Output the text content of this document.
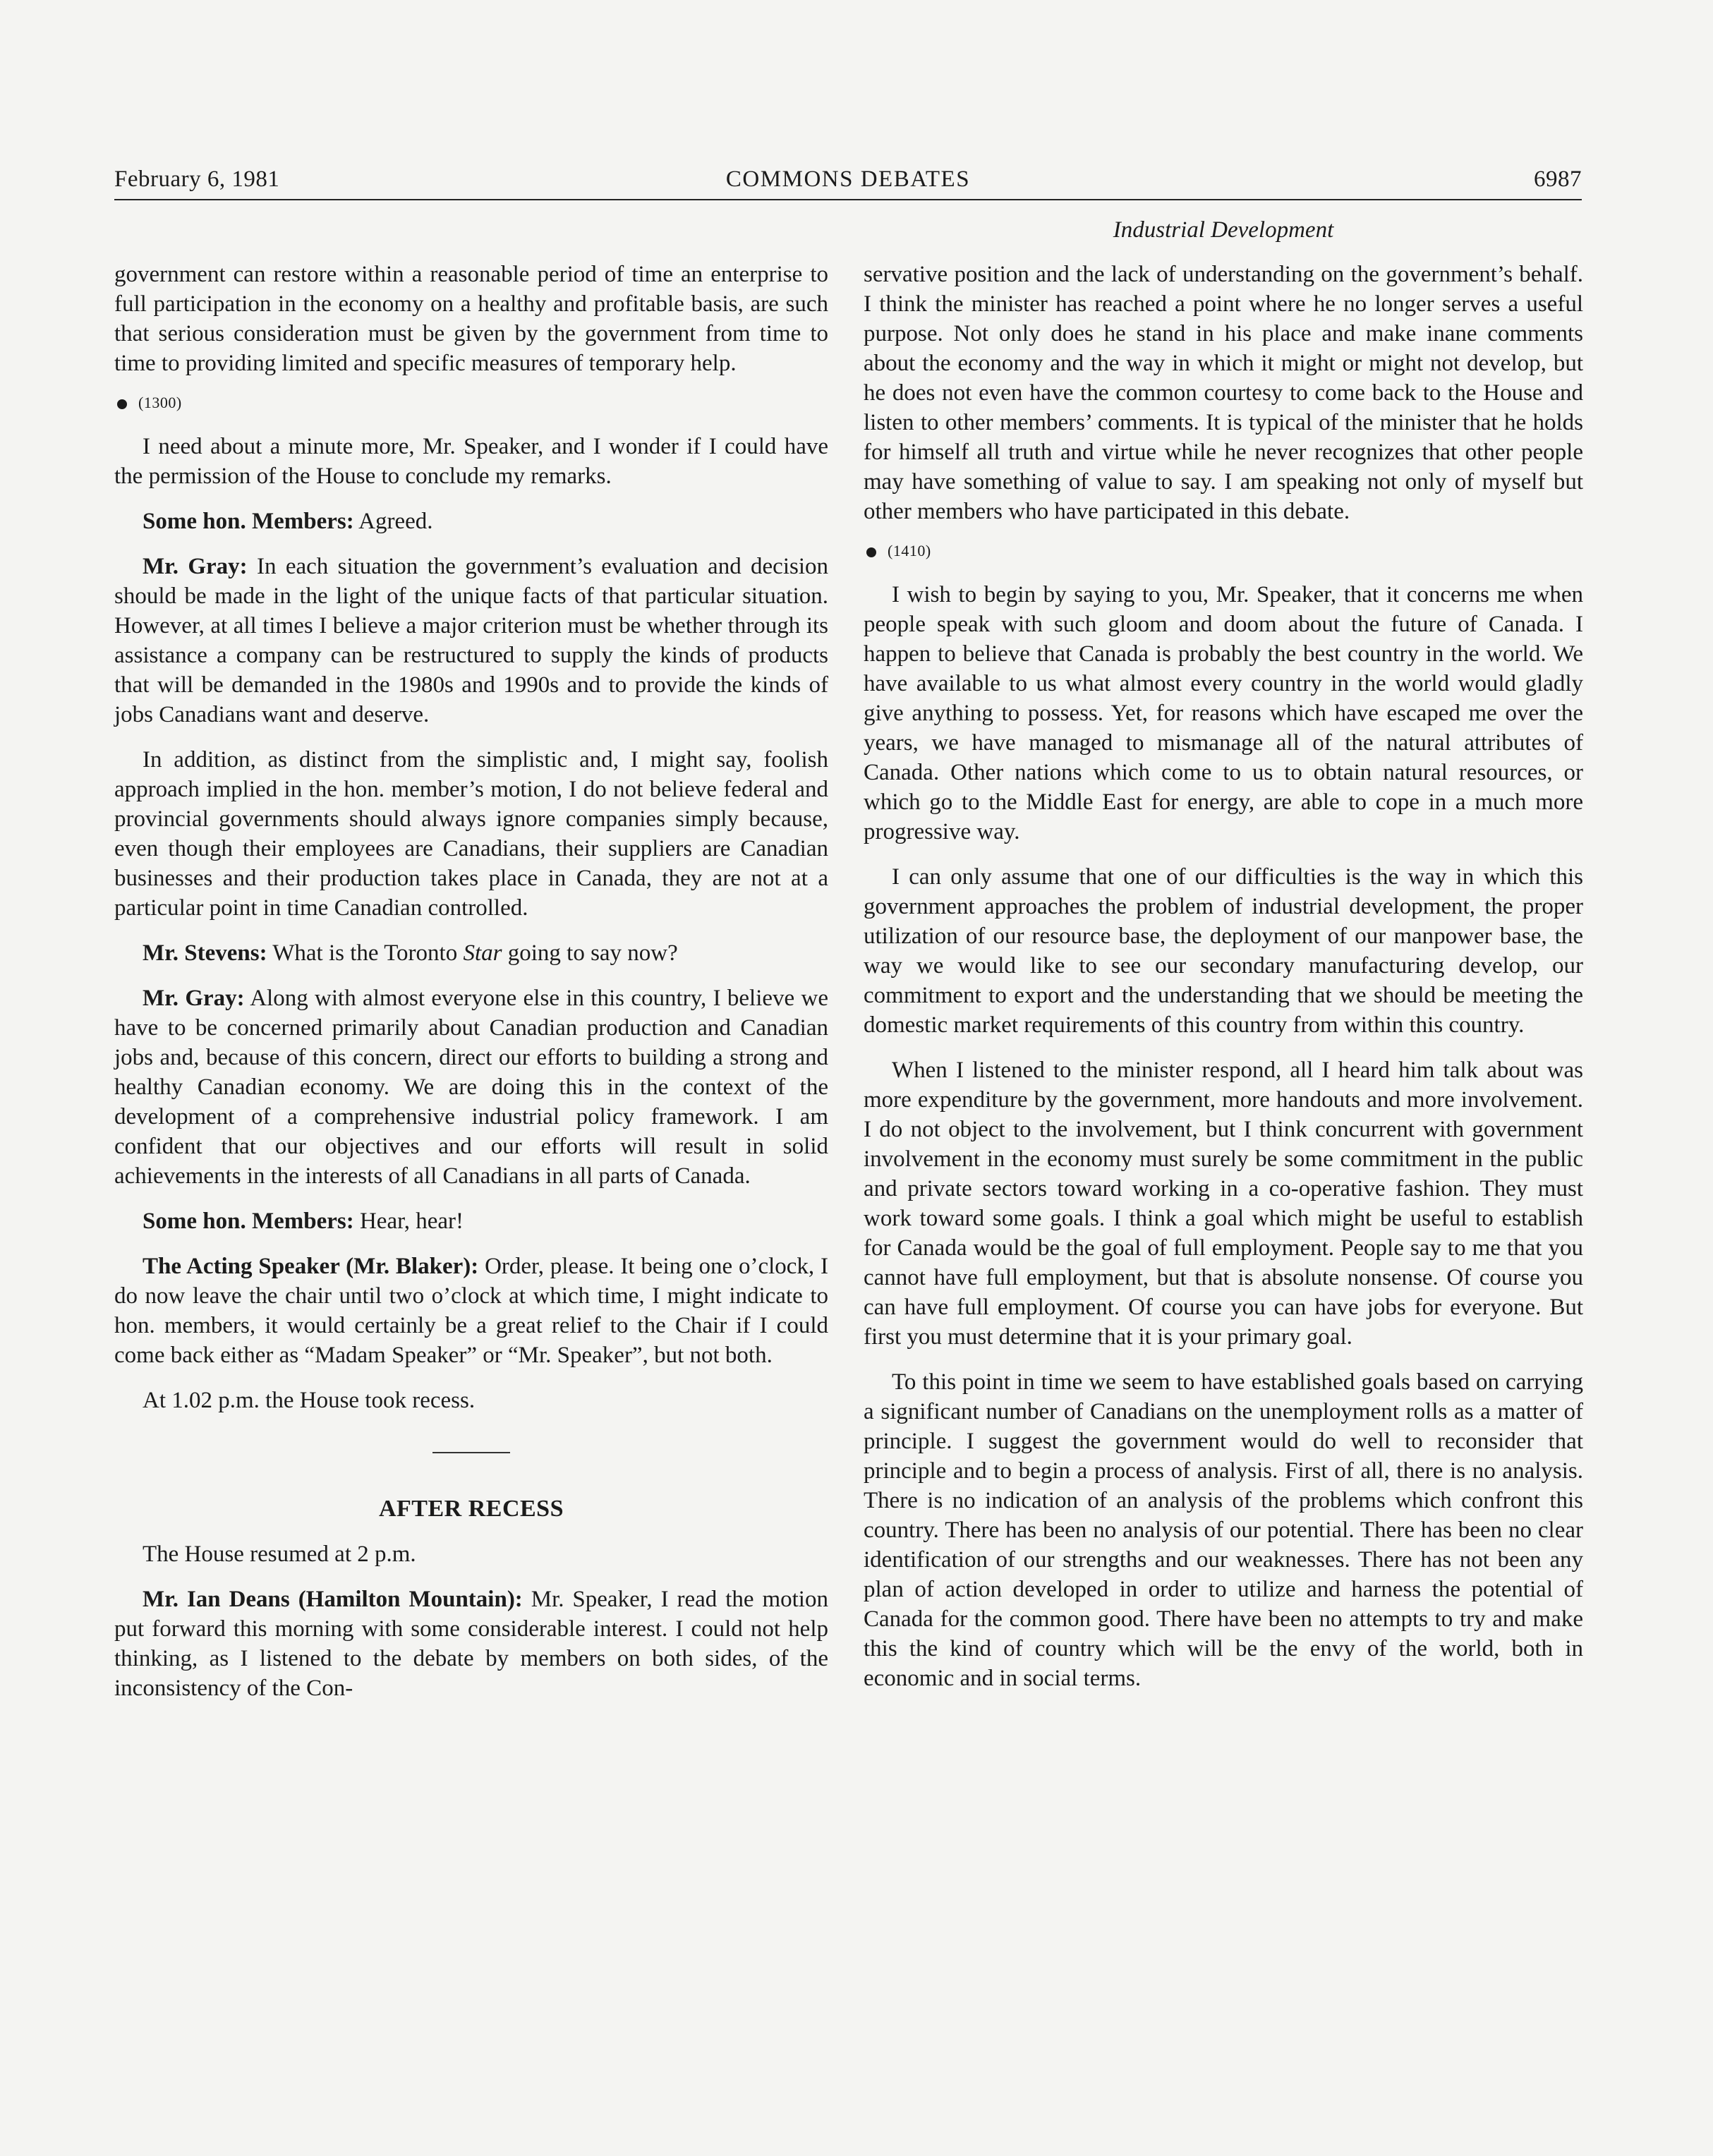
February 6, 1981	COMMONS DEBATES	6987
Industrial Development

government can restore within a reasonable period of time an enterprise to full participation in the economy on a healthy and profitable basis, are such that serious consideration must be given by the government from time to time to providing limited and specific measures of temporary help.

(1300)

I need about a minute more, Mr. Speaker, and I wonder if I could have the permission of the House to conclude my remarks.

Some hon. Members: Agreed.

Mr. Gray: In each situation the government’s evaluation and decision should be made in the light of the unique facts of that particular situation. However, at all times I believe a major criterion must be whether through its assistance a company can be restructured to supply the kinds of products that will be demanded in the 1980s and 1990s and to provide the kinds of jobs Canadians want and deserve.

In addition, as distinct from the simplistic and, I might say, foolish approach implied in the hon. member’s motion, I do not believe federal and provincial governments should always ignore companies simply because, even though their employees are Canadians, their suppliers are Canadian businesses and their production takes place in Canada, they are not at a particular point in time Canadian controlled.

Mr. Stevens: What is the Toronto Star going to say now?

Mr. Gray: Along with almost everyone else in this country, I believe we have to be concerned primarily about Canadian production and Canadian jobs and, because of this concern, direct our efforts to building a strong and healthy Canadian economy. We are doing this in the context of the development of a comprehensive industrial policy framework. I am confident that our objectives and our efforts will result in solid achievements in the interests of all Canadians in all parts of Canada.

Some hon. Members: Hear, hear!

The Acting Speaker (Mr. Blaker): Order, please. It being one o’clock, I do now leave the chair until two o’clock at which time, I might indicate to hon. members, it would certainly be a great relief to the Chair if I could come back either as “Madam Speaker” or “Mr. Speaker”, but not both.

At 1.02 p.m. the House took recess.

AFTER RECESS

The House resumed at 2 p.m.

Mr. Ian Deans (Hamilton Mountain): Mr. Speaker, I read the motion put forward this morning with some considerable interest. I could not help thinking, as I listened to the debate by members on both sides, of the inconsistency of the Con-

servative position and the lack of understanding on the government’s behalf. I think the minister has reached a point where he no longer serves a useful purpose. Not only does he stand in his place and make inane comments about the economy and the way in which it might or might not develop, but he does not even have the common courtesy to come back to the House and listen to other members’ comments. It is typical of the minister that he holds for himself all truth and virtue while he never recognizes that other people may have something of value to say. I am speaking not only of myself but other members who have participated in this debate.

(1410)

I wish to begin by saying to you, Mr. Speaker, that it concerns me when people speak with such gloom and doom about the future of Canada. I happen to believe that Canada is probably the best country in the world. We have available to us what almost every country in the world would gladly give anything to possess. Yet, for reasons which have escaped me over the years, we have managed to mismanage all of the natural attributes of Canada. Other nations which come to us to obtain natural resources, or which go to the Middle East for energy, are able to cope in a much more progressive way.

I can only assume that one of our difficulties is the way in which this government approaches the problem of industrial development, the proper utilization of our resource base, the deployment of our manpower base, the way we would like to see our secondary manufacturing develop, our commitment to export and the understanding that we should be meeting the domestic market requirements of this country from within this country.

When I listened to the minister respond, all I heard him talk about was more expenditure by the government, more handouts and more involvement. I do not object to the involvement, but I think concurrent with government involvement in the economy must surely be some commitment in the public and private sectors toward working in a co-operative fashion. They must work toward some goals. I think a goal which might be useful to establish for Canada would be the goal of full employment. People say to me that you cannot have full employment, but that is absolute nonsense. Of course you can have full employment. Of course you can have jobs for everyone. But first you must determine that it is your primary goal.

To this point in time we seem to have established goals based on carrying a significant number of Canadians on the unemployment rolls as a matter of principle. I suggest the government would do well to reconsider that principle and to begin a process of analysis. First of all, there is no analysis. There is no indication of an analysis of the problems which confront this country. There has been no analysis of our potential. There has been no clear identification of our strengths and our weaknesses. There has not been any plan of action developed in order to utilize and harness the potential of Canada for the common good. There have been no attempts to try and make this the kind of country which will be the envy of the world, both in economic and in social terms.
